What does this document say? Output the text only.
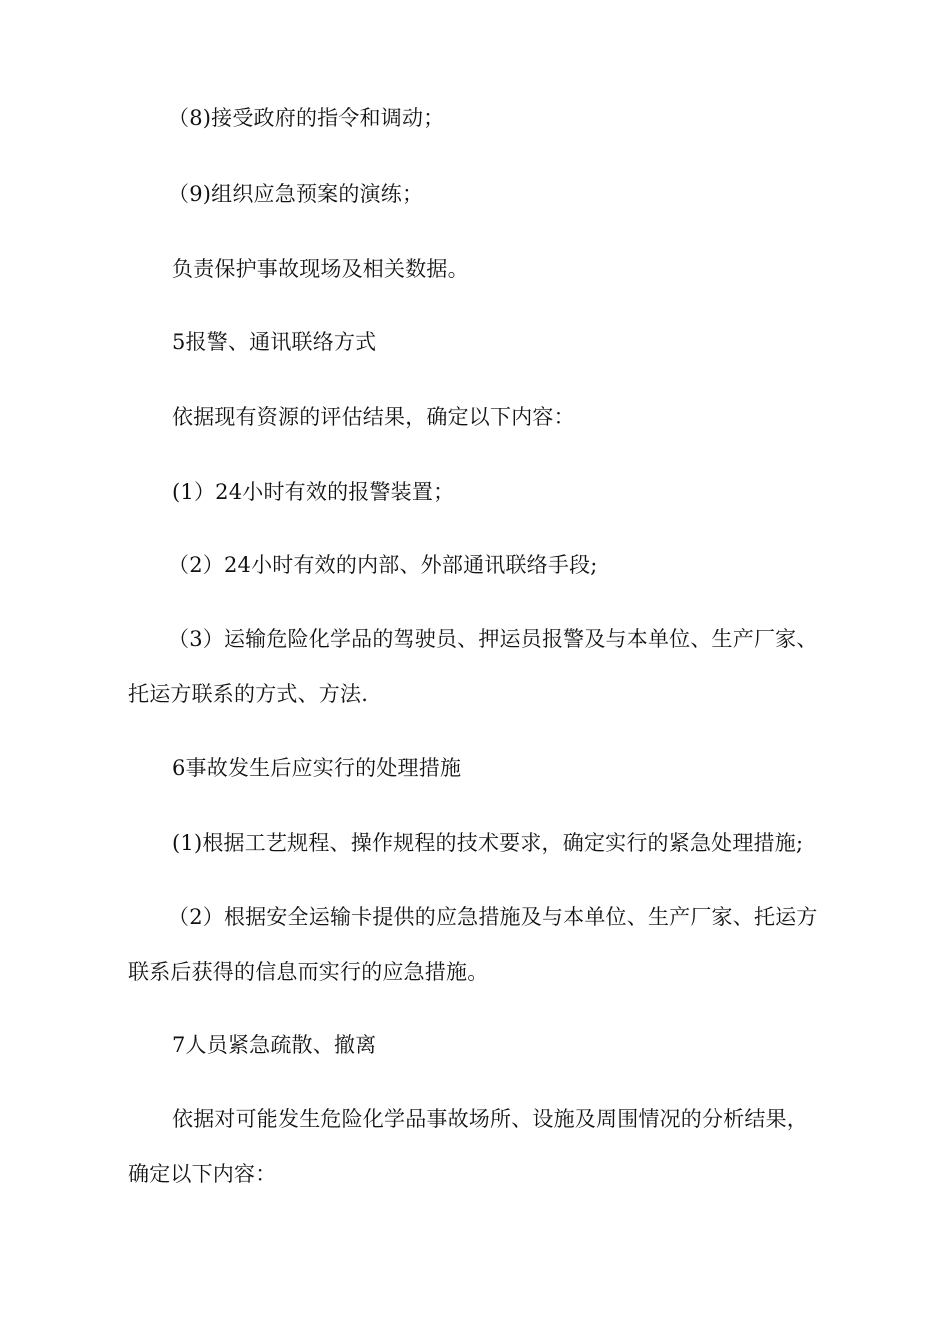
（8)接受政府的指令和调动；
（9)组织应急预案的演练；
负责保护事故现场及相关数据。
5报警、通讯联络方式
依据现有资源的评估结果，确定以下内容：
(1）24小时有效的报警装置；
（2）24小时有效的内部、外部通讯联络手段;
（3）运输危险化学品的驾驶员、押运员报警及与本单位、生产厂家、
托运方联系的方式、方法.
6事故发生后应实行的处理措施
(1)根据工艺规程、操作规程的技术要求，确定实行的紧急处理措施;
（2）根据安全运输卡提供的应急措施及与本单位、生产厂家、托运方
联系后获得的信息而实行的应急措施。
7人员紧急疏散、撤离
依据对可能发生危险化学品事故场所、设施及周围情况的分析结果，
确定以下内容：
